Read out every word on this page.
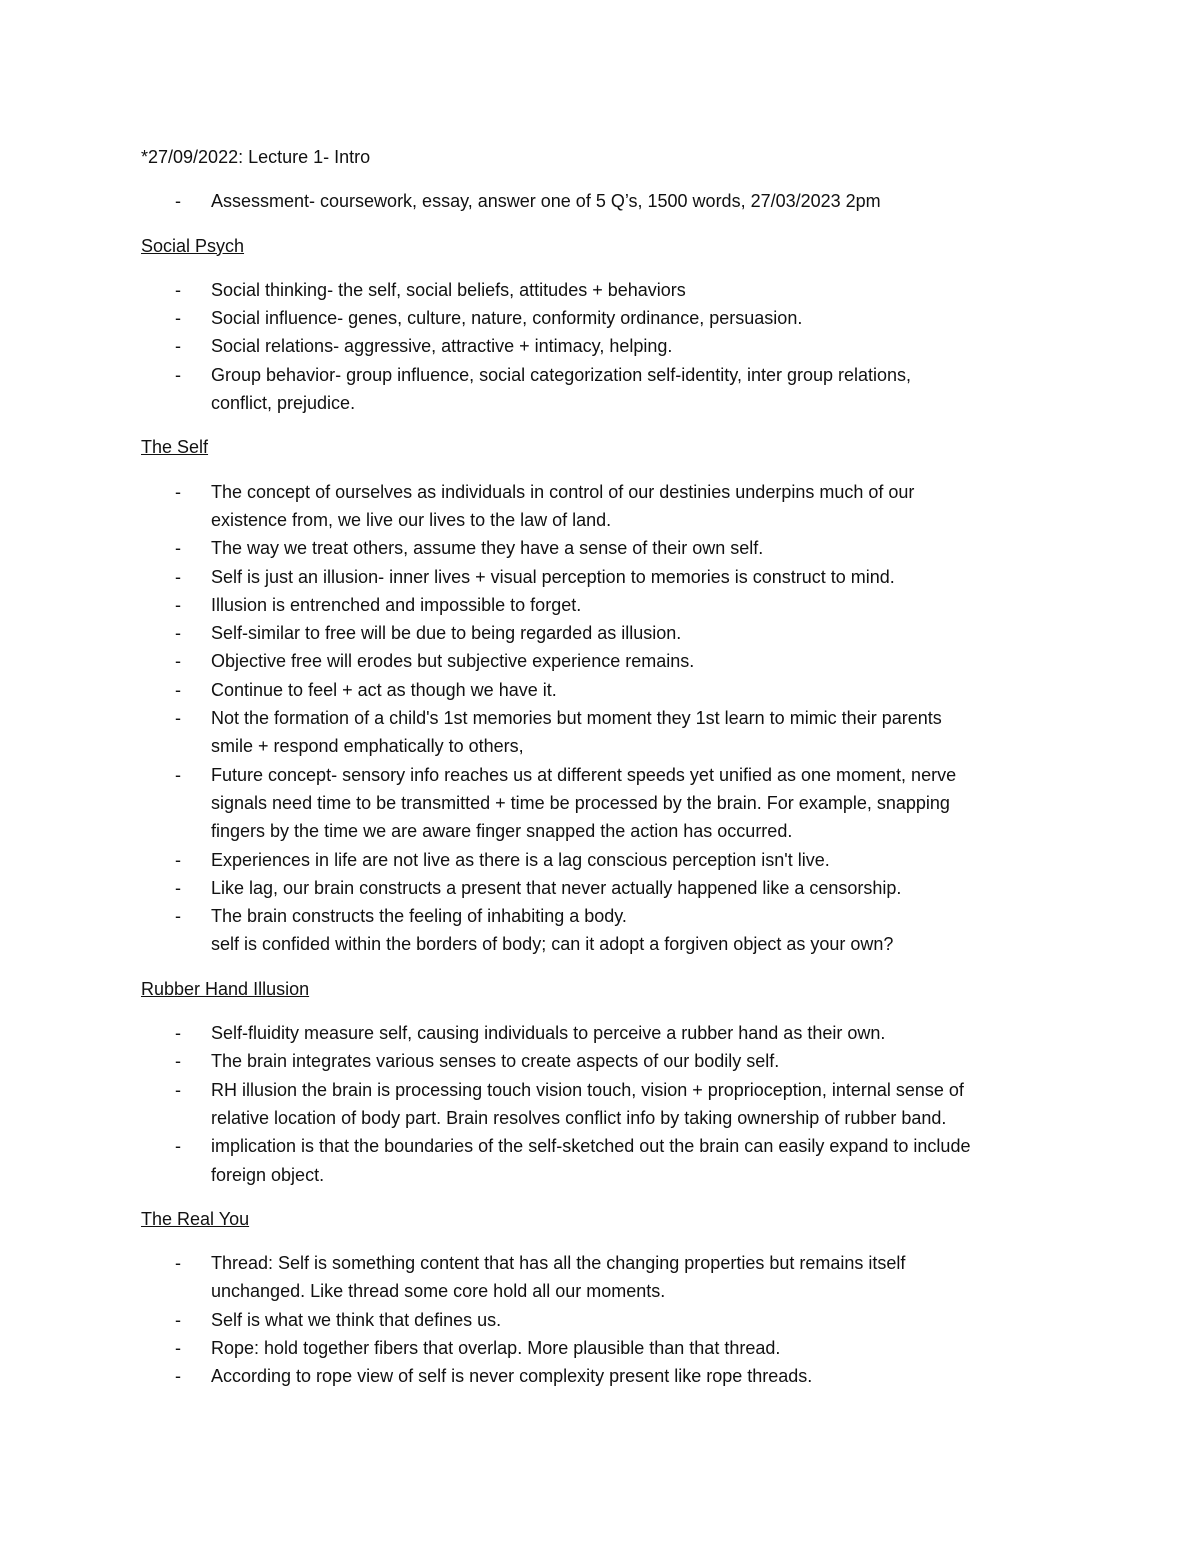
*27/09/2022: Lecture 1- Intro
- Assessment- coursework, essay, answer one of 5 Q’s, 1500 words, 27/03/2023 2pm
Social Psych
- Social thinking- the self, social beliefs, attitudes + behaviors
- Social influence- genes, culture, nature, conformity ordinance, persuasion.
- Social relations- aggressive, attractive + intimacy, helping.
- Group behavior- group influence, social categorization self-identity, inter group relations,
conflict, prejudice.
The Self
- The concept of ourselves as individuals in control of our destinies underpins much of our
existence from, we live our lives to the law of land.
- The way we treat others, assume they have a sense of their own self.
- Self is just an illusion- inner lives + visual perception to memories is construct to mind.
- Illusion is entrenched and impossible to forget.
- Self-similar to free will be due to being regarded as illusion.
- Objective free will erodes but subjective experience remains.
- Continue to feel + act as though we have it.
- Not the formation of a child's 1st memories but moment they 1st learn to mimic their parents
smile + respond emphatically to others,
- Future concept- sensory info reaches us at different speeds yet unified as one moment, nerve
signals need time to be transmitted + time be processed by the brain. For example, snapping
fingers by the time we are aware finger snapped the action has occurred.
- Experiences in life are not live as there is a lag conscious perception isn't live.
- Like lag, our brain constructs a present that never actually happened like a censorship.
- The brain constructs the feeling of inhabiting a body.
self is confided within the borders of body; can it adopt a forgiven object as your own?
Rubber Hand Illusion
- Self-fluidity measure self, causing individuals to perceive a rubber hand as their own.
- The brain integrates various senses to create aspects of our bodily self.
- RH illusion the brain is processing touch vision touch, vision + proprioception, internal sense of
relative location of body part. Brain resolves conflict info by taking ownership of rubber band.
- implication is that the boundaries of the self-sketched out the brain can easily expand to include
foreign object.
The Real You
- Thread: Self is something content that has all the changing properties but remains itself
unchanged. Like thread some core hold all our moments.
- Self is what we think that defines us.
- Rope: hold together fibers that overlap. More plausible than that thread.
- According to rope view of self is never complexity present like rope threads.
